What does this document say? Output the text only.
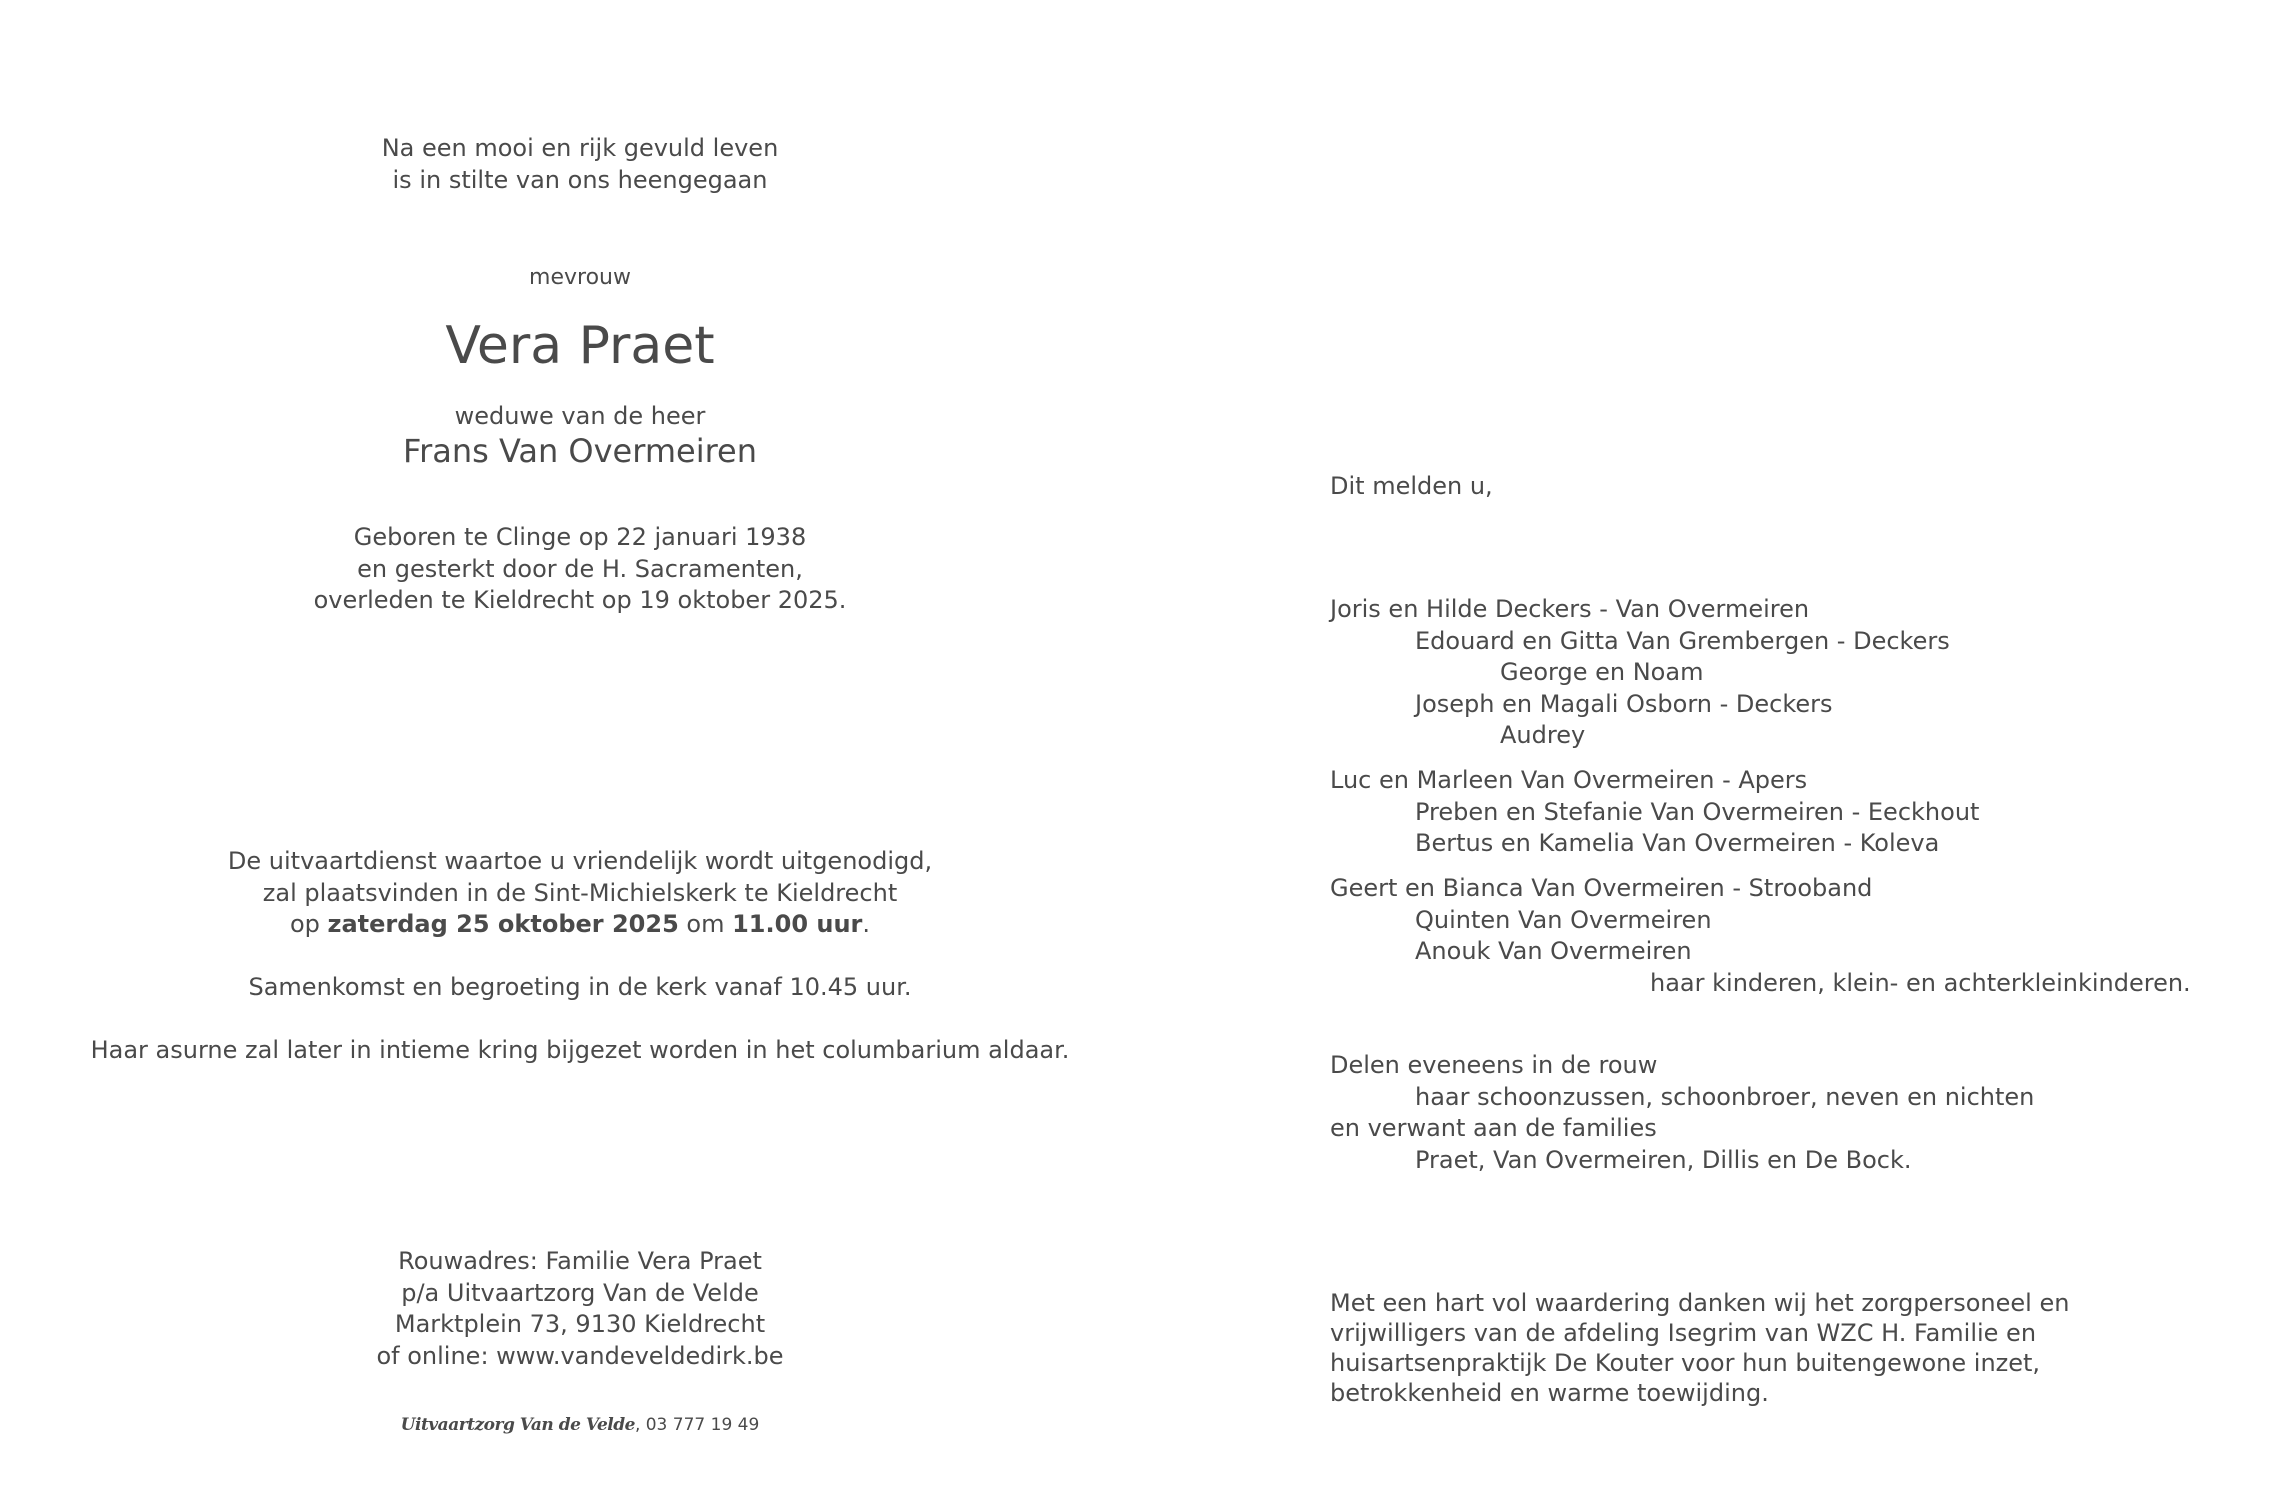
Na een mooi en rijk gevuld leven
is in stilte van ons heengegaan
mevrouw
Vera Praet
weduwe van de heer
Frans Van Overmeiren
Geboren te Clinge op 22 januari 1938
en gesterkt door de H. Sacramenten,
overleden te Kieldrecht op 19 oktober 2025.
De uitvaartdienst waartoe u vriendelijk wordt uitgenodigd,
zal plaatsvinden in de Sint-Michielskerk te Kieldrecht
op zaterdag 25 oktober 2025 om 11.00 uur.
Samenkomst en begroeting in de kerk vanaf 10.45 uur.
Haar asurne zal later in intieme kring bijgezet worden in het columbarium aldaar.
Rouwadres: Familie Vera Praet
p/a Uitvaartzorg Van de Velde
Marktplein 73, 9130 Kieldrecht
of online: www.vandeveldedirk.be
Uitvaartzorg Van de Velde, 03 777 19 49
Dit melden u,
Joris en Hilde Deckers - Van Overmeiren
Edouard en Gitta Van Grembergen - Deckers
George en Noam
Joseph en Magali Osborn - Deckers
Audrey
Luc en Marleen Van Overmeiren - Apers
Preben en Stefanie Van Overmeiren - Eeckhout
Bertus en Kamelia Van Overmeiren - Koleva
Geert en Bianca Van Overmeiren - Strooband
Quinten Van Overmeiren
Anouk Van Overmeiren
haar kinderen, klein- en achterkleinkinderen.
Delen eveneens in de rouw
haar schoonzussen, schoonbroer, neven en nichten
en verwant aan de families
Praet, Van Overmeiren, Dillis en De Bock.
Met een hart vol waardering danken wij het zorgpersoneel en
vrijwilligers van de afdeling Isegrim van WZC H. Familie en
huisartsenpraktijk De Kouter voor hun buitengewone inzet,
betrokkenheid en warme toewijding.
